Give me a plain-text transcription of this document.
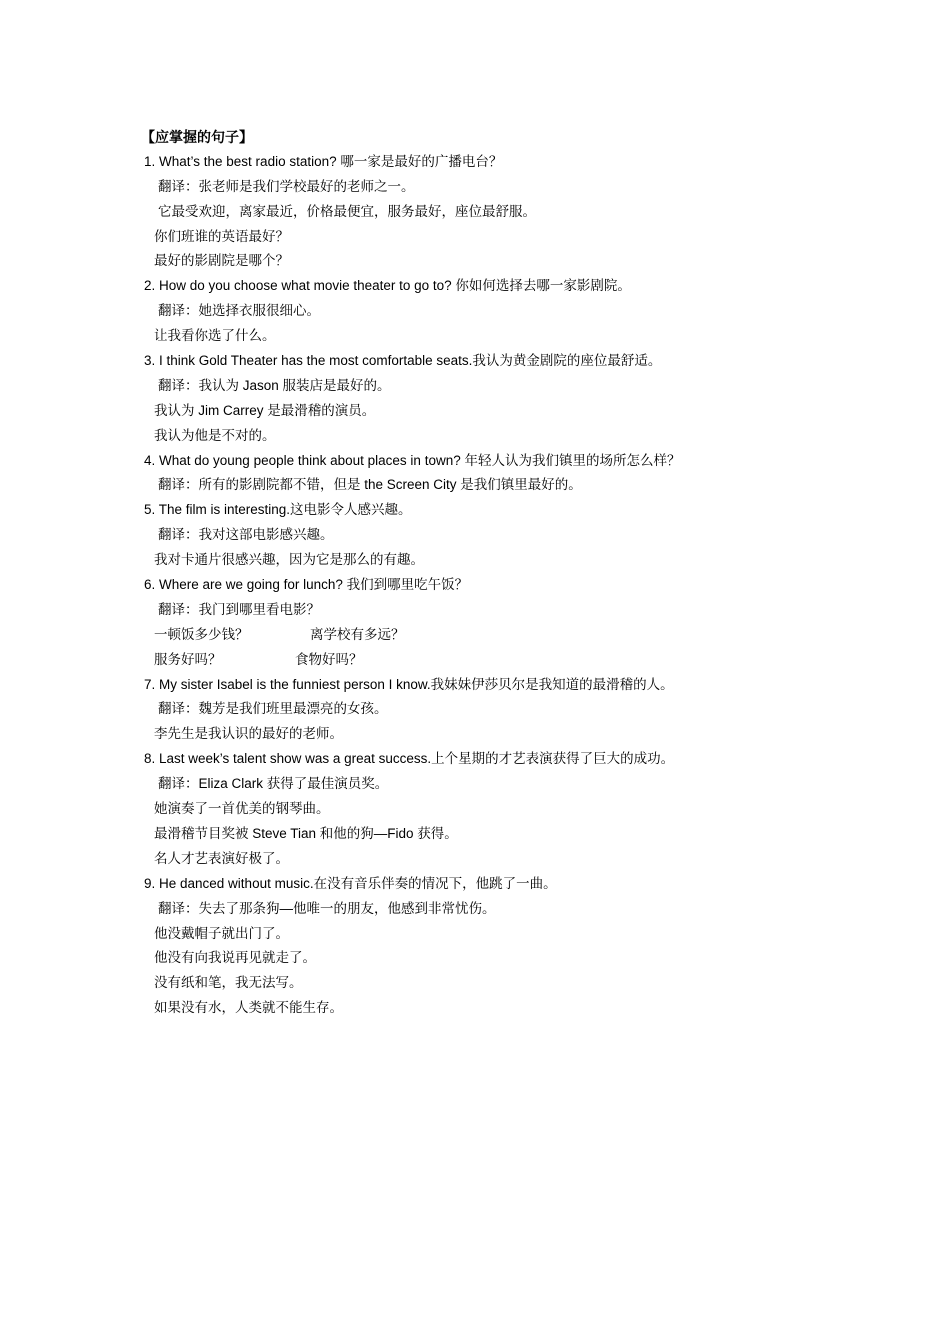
【应掌握的句子】
1. What’s the best radio station? 哪一家是最好的广播电台？
翻译：张老师是我们学校最好的老师之一。
它最受欢迎，离家最近，价格最便宜，服务最好，座位最舒服。
你们班谁的英语最好？
最好的影剧院是哪个？
2. How do you choose what movie theater to go to? 你如何选择去哪一家影剧院。
翻译：她选择衣服很细心。
让我看你选了什么。
3. I think Gold Theater has the most comfortable seats.我认为黄金剧院的座位最舒适。
翻译：我认为 Jason 服装店是最好的。
我认为 Jim Carrey 是最滑稽的演员。
我认为他是不对的。
4. What do young people think about places in town? 年轻人认为我们镇里的场所怎么样？
翻译：所有的影剧院都不错，但是 the Screen City 是我们镇里最好的。
5. The film is interesting.这电影令人感兴趣。
翻译：我对这部电影感兴趣。
我对卡通片很感兴趣，因为它是那么的有趣。
6. Where are we going for lunch? 我们到哪里吃午饭？
翻译：我门到哪里看电影？
一顿饭多少钱？	离学校有多远？
服务好吗？	食物好吗？
7. My sister Isabel is the funniest person I know.我妹妹伊莎贝尔是我知道的最滑稽的人。
翻译：魏芳是我们班里最漂亮的女孩。
李先生是我认识的最好的老师。
8. Last week’s talent show was a great success.上个星期的才艺表演获得了巨大的成功。
翻译：Eliza Clark 获得了最佳演员奖。
她演奏了一首优美的钢琴曲。
最滑稽节目奖被 Steve Tian 和他的狗—Fido 获得。
名人才艺表演好极了。
9. He danced without music.在没有音乐伴奏的情况下，他跳了一曲。
翻译：失去了那条狗—他唯一的朋友，他感到非常忧伤。
他没戴帽子就出门了。
他没有向我说再见就走了。
没有纸和笔，我无法写。
如果没有水，人类就不能生存。
